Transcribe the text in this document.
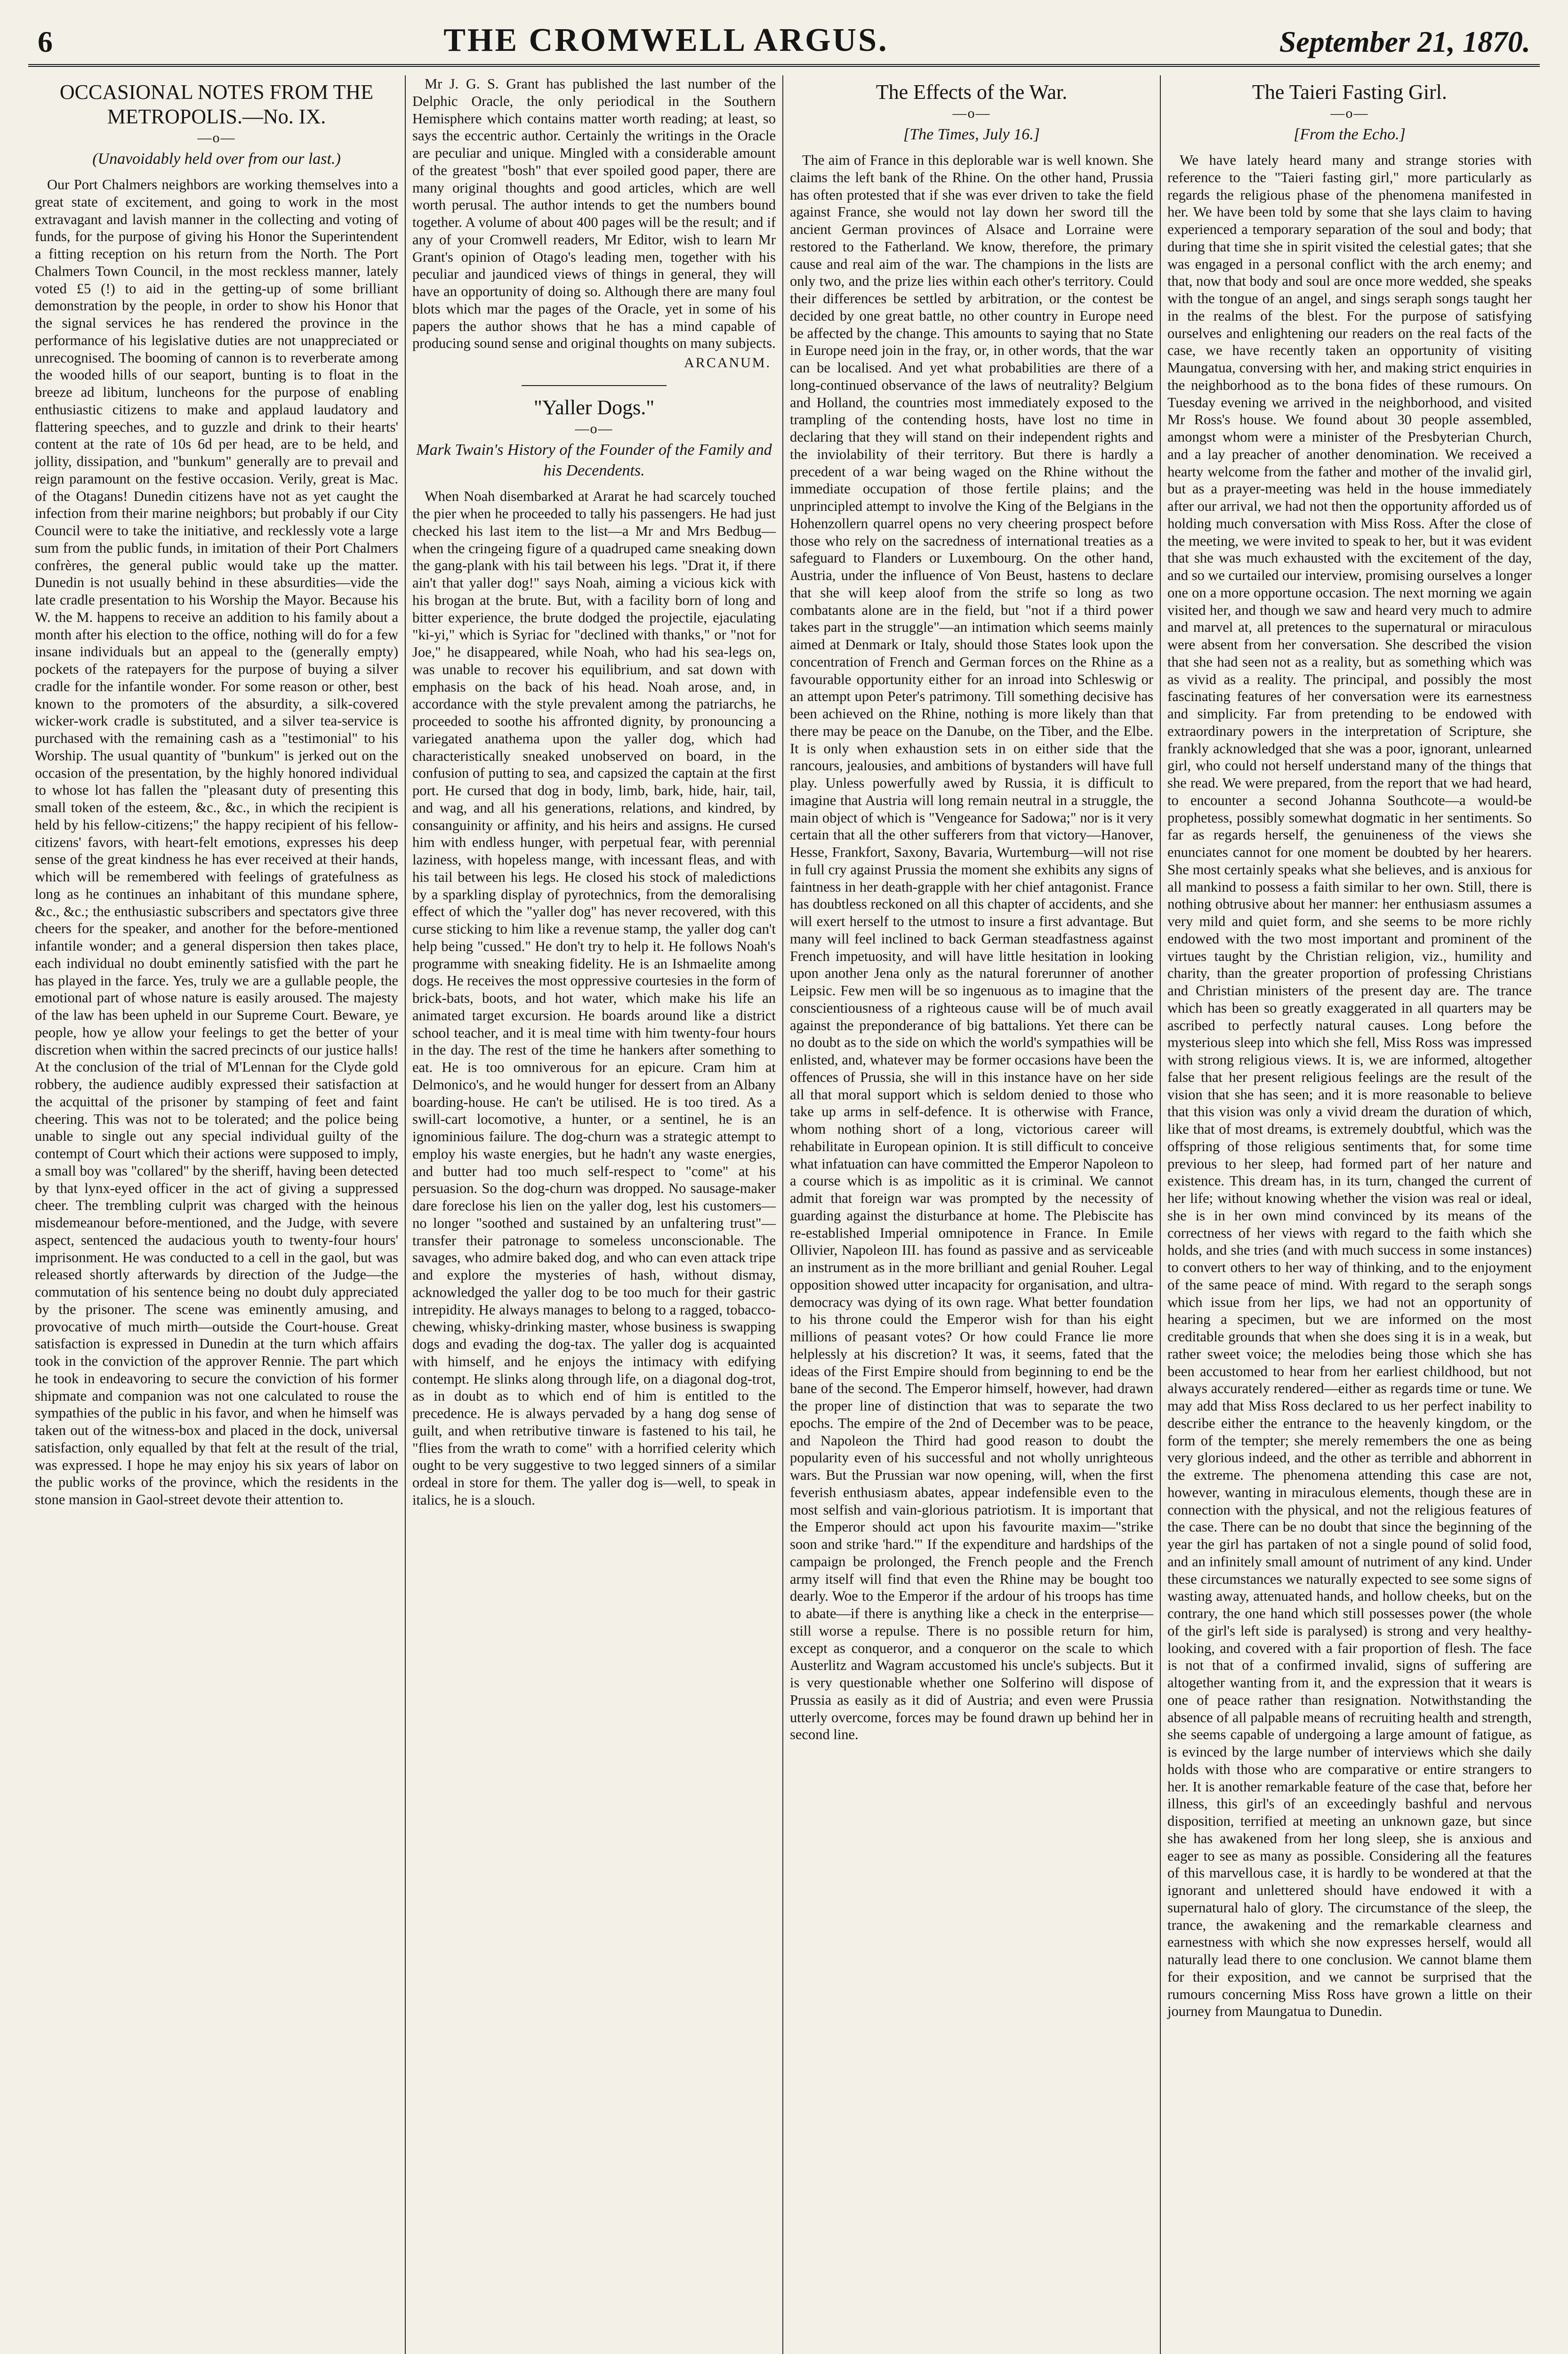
6	THE CROMWELL ARGUS.	September 21, 1870.
OCCASIONAL NOTES FROM THE METROPOLIS.—No. IX.
—o—
(Unavoidably held over from our last.)

Our Port Chalmers neighbors are working themselves into a great state of excitement, and going to work in the most extravagant and lavish manner in the collecting and voting of funds, for the purpose of giving his Honor the Superintendent a fitting reception on his return from the North. The Port Chalmers Town Council, in the most reckless manner, lately voted £5 (!) to aid in the getting-up of some brilliant demonstration by the people, in order to show his Honor that the signal services he has rendered the province in the performance of his legislative duties are not unappreciated or unrecognised. The booming of cannon is to reverberate among the wooded hills of our seaport, bunting is to float in the breeze ad libitum, luncheons for the purpose of enabling enthusiastic citizens to make and applaud laudatory and flattering speeches, and to guzzle and drink to their hearts' content at the rate of 10s 6d per head, are to be held, and jollity, dissipation, and "bunkum" generally are to prevail and reign paramount on the festive occasion. Verily, great is Mac. of the Otagans! Dunedin citizens have not as yet caught the infection from their marine neighbors; but probably if our City Council were to take the initiative, and recklessly vote a large sum from the public funds, in imitation of their Port Chalmers confrères, the general public would take up the matter. Dunedin is not usually behind in these absurdities—vide the late cradle presentation to his Worship the Mayor. Because his W. the M. happens to receive an addition to his family about a month after his election to the office, nothing will do for a few insane individuals but an appeal to the (generally empty) pockets of the ratepayers for the purpose of buying a silver cradle for the infantile wonder. For some reason or other, best known to the promoters of the absurdity, a silk-covered wicker-work cradle is substituted, and a silver tea-service is purchased with the remaining cash as a "testimonial" to his Worship. The usual quantity of "bunkum" is jerked out on the occasion of the presentation, by the highly honored individual to whose lot has fallen the "pleasant duty of presenting this small token of the esteem, &c., &c., in which the recipient is held by his fellow-citizens;" the happy recipient of his fellow-citizens' favors, with heart-felt emotions, expresses his deep sense of the great kindness he has ever received at their hands, which will be remembered with feelings of gratefulness as long as he continues an inhabitant of this mundane sphere, &c., &c.; the enthusiastic subscribers and spectators give three cheers for the speaker, and another for the before-mentioned infantile wonder; and a general dispersion then takes place, each individual no doubt eminently satisfied with the part he has played in the farce. Yes, truly we are a gullable people, the emotional part of whose nature is easily aroused. The majesty of the law has been upheld in our Supreme Court. Beware, ye people, how ye allow your feelings to get the better of your discretion when within the sacred precincts of our justice halls! At the conclusion of the trial of M'Lennan for the Clyde gold robbery, the audience audibly expressed their satisfaction at the acquittal of the prisoner by stamping of feet and faint cheering. This was not to be tolerated; and the police being unable to single out any special individual guilty of the contempt of Court which their actions were supposed to imply, a small boy was "collared" by the sheriff, having been detected by that lynx-eyed officer in the act of giving a suppressed cheer. The trembling culprit was charged with the heinous misdemeanour before-mentioned, and the Judge, with severe aspect, sentenced the audacious youth to twenty-four hours' imprisonment. He was conducted to a cell in the gaol, but was released shortly afterwards by direction of the Judge—the commutation of his sentence being no doubt duly appreciated by the prisoner. The scene was eminently amusing, and provocative of much mirth—outside the Court-house. Great satisfaction is expressed in Dunedin at the turn which affairs took in the conviction of the approver Rennie. The part which he took in endeavoring to secure the conviction of his former shipmate and companion was not one calculated to rouse the sympathies of the public in his favor, and when he himself was taken out of the witness-box and placed in the dock, universal satisfaction, only equalled by that felt at the result of the trial, was expressed. I hope he may enjoy his six years of labor on the public works of the province, which the residents in the stone mansion in Gaol-street devote their attention to.

Mr J. G. S. Grant has published the last number of the Delphic Oracle, the only periodical in the Southern Hemisphere which contains matter worth reading; at least, so says the eccentric author. Certainly the writings in the Oracle are peculiar and unique. Mingled with a considerable amount of the greatest "bosh" that ever spoiled good paper, there are many original thoughts and good articles, which are well worth perusal. The author intends to get the numbers bound together. A volume of about 400 pages will be the result; and if any of your Cromwell readers, Mr Editor, wish to learn Mr Grant's opinion of Otago's leading men, together with his peculiar and jaundiced views of things in general, they will have an opportunity of doing so. Although there are many foul blots which mar the pages of the Oracle, yet in some of his papers the author shows that he has a mind capable of producing sound sense and original thoughts on many subjects.

ARCANUM.
"Yaller Dogs."
—o—
Mark Twain's History of the Founder of the Family and his Decendents.

When Noah disembarked at Ararat he had scarcely touched the pier when he proceeded to tally his passengers. He had just checked his last item to the list—a Mr and Mrs Bedbug—when the cringeing figure of a quadruped came sneaking down the gang-plank with his tail between his legs. "Drat it, if there ain't that yaller dog!" says Noah, aiming a vicious kick with his brogan at the brute. But, with a facility born of long and bitter experience, the brute dodged the projectile, ejaculating "ki-yi," which is Syriac for "declined with thanks," or "not for Joe," he disappeared, while Noah, who had his sea-legs on, was unable to recover his equilibrium, and sat down with emphasis on the back of his head. Noah arose, and, in accordance with the style prevalent among the patriarchs, he proceeded to soothe his affronted dignity, by pronouncing a variegated anathema upon the yaller dog, which had characteristically sneaked unobserved on board, in the confusion of putting to sea, and capsized the captain at the first port. He cursed that dog in body, limb, bark, hide, hair, tail, and wag, and all his generations, relations, and kindred, by consanguinity or affinity, and his heirs and assigns. He cursed him with endless hunger, with perpetual fear, with perennial laziness, with hopeless mange, with incessant fleas, and with his tail between his legs. He closed his stock of maledictions by a sparkling display of pyrotechnics, from the demoralising effect of which the "yaller dog" has never recovered, with this curse sticking to him like a revenue stamp, the yaller dog can't help being "cussed." He don't try to help it. He follows Noah's programme with sneaking fidelity. He is an Ishmaelite among dogs. He receives the most oppressive courtesies in the form of brick-bats, boots, and hot water, which make his life an animated target excursion. He boards around like a district school teacher, and it is meal time with him twenty-four hours in the day. The rest of the time he hankers after something to eat. He is too omniverous for an epicure. Cram him at Delmonico's, and he would hunger for dessert from an Albany boarding-house. He can't be utilised. He is too tired. As a swill-cart locomotive, a hunter, or a sentinel, he is an ignominious failure. The dog-churn was a strategic attempt to employ his waste energies, but he hadn't any waste energies, and butter had too much self-respect to "come" at his persuasion. So the dog-churn was dropped. No sausage-maker dare foreclose his lien on the yaller dog, lest his customers—no longer "soothed and sustained by an unfaltering trust"—transfer their patronage to someless unconscionable. The savages, who admire baked dog, and who can even attack tripe and explore the mysteries of hash, without dismay, acknowledged the yaller dog to be too much for their gastric intrepidity. He always manages to belong to a ragged, tobacco-chewing, whisky-drinking master, whose business is swapping dogs and evading the dog-tax. The yaller dog is acquainted with himself, and he enjoys the intimacy with edifying contempt. He slinks along through life, on a diagonal dog-trot, as in doubt as to which end of him is entitled to the precedence. He is always pervaded by a hang dog sense of guilt, and when retributive tinware is fastened to his tail, he "flies from the wrath to come" with a horrified celerity which ought to be very suggestive to two legged sinners of a similar ordeal in store for them. The yaller dog is—well, to speak in italics, he is a slouch.

The Effects of the War.
—o—
[The Times, July 16.]

The aim of France in this deplorable war is well known. She claims the left bank of the Rhine. On the other hand, Prussia has often protested that if she was ever driven to take the field against France, she would not lay down her sword till the ancient German provinces of Alsace and Lorraine were restored to the Fatherland. We know, therefore, the primary cause and real aim of the war. The champions in the lists are only two, and the prize lies within each other's territory. Could their differences be settled by arbitration, or the contest be decided by one great battle, no other country in Europe need be affected by the change. This amounts to saying that no State in Europe need join in the fray, or, in other words, that the war can be localised. And yet what probabilities are there of a long-continued observance of the laws of neutrality? Belgium and Holland, the countries most immediately exposed to the trampling of the contending hosts, have lost no time in declaring that they will stand on their independent rights and the inviolability of their territory. But there is hardly a precedent of a war being waged on the Rhine without the immediate occupation of those fertile plains; and the unprincipled attempt to involve the King of the Belgians in the Hohenzollern quarrel opens no very cheering prospect before those who rely on the sacredness of international treaties as a safeguard to Flanders or Luxembourg. On the other hand, Austria, under the influence of Von Beust, hastens to declare that she will keep aloof from the strife so long as two combatants alone are in the field, but "not if a third power takes part in the struggle"—an intimation which seems mainly aimed at Denmark or Italy, should those States look upon the concentration of French and German forces on the Rhine as a favourable opportunity either for an inroad into Schleswig or an attempt upon Peter's patrimony. Till something decisive has been achieved on the Rhine, nothing is more likely than that there may be peace on the Danube, on the Tiber, and the Elbe. It is only when exhaustion sets in on either side that the rancours, jealousies, and ambitions of bystanders will have full play. Unless powerfully awed by Russia, it is difficult to imagine that Austria will long remain neutral in a struggle, the main object of which is "Vengeance for Sadowa;" nor is it very certain that all the other sufferers from that victory—Hanover, Hesse, Frankfort, Saxony, Bavaria, Wurtemburg—will not rise in full cry against Prussia the moment she exhibits any signs of faintness in her death-grapple with her chief antagonist. France has doubtless reckoned on all this chapter of accidents, and she will exert herself to the utmost to insure a first advantage. But many will feel inclined to back German steadfastness against French impetuosity, and will have little hesitation in looking upon another Jena only as the natural forerunner of another Leipsic. Few men will be so ingenuous as to imagine that the conscientiousness of a righteous cause will be of much avail against the preponderance of big battalions. Yet there can be no doubt as to the side on which the world's sympathies will be enlisted, and, whatever may be former occasions have been the offences of Prussia, she will in this instance have on her side all that moral support which is seldom denied to those who take up arms in self-defence. It is otherwise with France, whom nothing short of a long, victorious career will rehabilitate in European opinion. It is still difficult to conceive what infatuation can have committed the Emperor Napoleon to a course which is as impolitic as it is criminal. We cannot admit that foreign war was prompted by the necessity of guarding against the disturbance at home. The Plebiscite has re-established Imperial omnipotence in France. In Emile Ollivier, Napoleon III. has found as passive and as serviceable an instrument as in the more brilliant and genial Rouher. Legal opposition showed utter incapacity for organisation, and ultra-democracy was dying of its own rage. What better foundation to his throne could the Emperor wish for than his eight millions of peasant votes? Or how could France lie more helplessly at his discretion? It was, it seems, fated that the ideas of the First Empire should from beginning to end be the bane of the second. The Emperor himself, however, had drawn the proper line of distinction that was to separate the two epochs. The empire of the 2nd of December was to be peace, and Napoleon the Third had good reason to doubt the popularity even of his successful and not wholly unrighteous wars. But the Prussian war now opening, will, when the first feverish enthusiasm abates, appear indefensible even to the most selfish and vain-glorious patriotism. It is important that the Emperor should act upon his favourite maxim—"strike soon and strike 'hard.'" If the expenditure and hardships of the campaign be prolonged, the French people and the French army itself will find that even the Rhine may be bought too dearly. Woe to the Emperor if the ardour of his troops has time to abate—if there is anything like a check in the enterprise—still worse a repulse. There is no possible return for him, except as conqueror, and a conqueror on the scale to which Austerlitz and Wagram accustomed his uncle's subjects. But it is very questionable whether one Solferino will dispose of Prussia as easily as it did of Austria; and even were Prussia utterly overcome, forces may be found drawn up behind her in second line.

The Taieri Fasting Girl.
—o—
[From the Echo.]

We have lately heard many and strange stories with reference to the "Taieri fasting girl," more particularly as regards the religious phase of the phenomena manifested in her. We have been told by some that she lays claim to having experienced a temporary separation of the soul and body; that during that time she in spirit visited the celestial gates; that she was engaged in a personal conflict with the arch enemy; and that, now that body and soul are once more wedded, she speaks with the tongue of an angel, and sings seraph songs taught her in the realms of the blest. For the purpose of satisfying ourselves and enlightening our readers on the real facts of the case, we have recently taken an opportunity of visiting Maungatua, conversing with her, and making strict enquiries in the neighborhood as to the bona fides of these rumours. On Tuesday evening we arrived in the neighborhood, and visited Mr Ross's house. We found about 30 people assembled, amongst whom were a minister of the Presbyterian Church, and a lay preacher of another denomination. We received a hearty welcome from the father and mother of the invalid girl, but as a prayer-meeting was held in the house immediately after our arrival, we had not then the opportunity afforded us of holding much conversation with Miss Ross. After the close of the meeting, we were invited to speak to her, but it was evident that she was much exhausted with the excitement of the day, and so we curtailed our interview, promising ourselves a longer one on a more opportune occasion. The next morning we again visited her, and though we saw and heard very much to admire and marvel at, all pretences to the supernatural or miraculous were absent from her conversation. She described the vision that she had seen not as a reality, but as something which was as vivid as a reality. The principal, and possibly the most fascinating features of her conversation were its earnestness and simplicity. Far from pretending to be endowed with extraordinary powers in the interpretation of Scripture, she frankly acknowledged that she was a poor, ignorant, unlearned girl, who could not herself understand many of the things that she read. We were prepared, from the report that we had heard, to encounter a second Johanna Southcote—a would-be prophetess, possibly somewhat dogmatic in her sentiments. So far as regards herself, the genuineness of the views she enunciates cannot for one moment be doubted by her hearers. She most certainly speaks what she believes, and is anxious for all mankind to possess a faith similar to her own. Still, there is nothing obtrusive about her manner: her enthusiasm assumes a very mild and quiet form, and she seems to be more richly endowed with the two most important and prominent of the virtues taught by the Christian religion, viz., humility and charity, than the greater proportion of professing Christians and Christian ministers of the present day are. The trance which has been so greatly exaggerated in all quarters may be ascribed to perfectly natural causes. Long before the mysterious sleep into which she fell, Miss Ross was impressed with strong religious views. It is, we are informed, altogether false that her present religious feelings are the result of the vision that she has seen; and it is more reasonable to believe that this vision was only a vivid dream the duration of which, like that of most dreams, is extremely doubtful, which was the offspring of those religious sentiments that, for some time previous to her sleep, had formed part of her nature and existence. This dream has, in its turn, changed the current of her life; without knowing whether the vision was real or ideal, she is in her own mind convinced by its means of the correctness of her views with regard to the faith which she holds, and she tries (and with much success in some instances) to convert others to her way of thinking, and to the enjoyment of the same peace of mind. With regard to the seraph songs which issue from her lips, we had not an opportunity of hearing a specimen, but we are informed on the most creditable grounds that when she does sing it is in a weak, but rather sweet voice; the melodies being those which she has been accustomed to hear from her earliest childhood, but not always accurately rendered—either as regards time or tune. We may add that Miss Ross declared to us her perfect inability to describe either the entrance to the heavenly kingdom, or the form of the tempter; she merely remembers the one as being very glorious indeed, and the other as terrible and abhorrent in the extreme. The phenomena attending this case are not, however, wanting in miraculous elements, though these are in connection with the physical, and not the religious features of the case. There can be no doubt that since the beginning of the year the girl has partaken of not a single pound of solid food, and an infinitely small amount of nutriment of any kind. Under these circumstances we naturally expected to see some signs of wasting away, attenuated hands, and hollow cheeks, but on the contrary, the one hand which still possesses power (the whole of the girl's left side is paralysed) is strong and very healthy-looking, and covered with a fair proportion of flesh. The face is not that of a confirmed invalid, signs of suffering are altogether wanting from it, and the expression that it wears is one of peace rather than resignation. Notwithstanding the absence of all palpable means of recruiting health and strength, she seems capable of undergoing a large amount of fatigue, as is evinced by the large number of interviews which she daily holds with those who are comparative or entire strangers to her. It is another remarkable feature of the case that, before her illness, this girl's of an exceedingly bashful and nervous disposition, terrified at meeting an unknown gaze, but since she has awakened from her long sleep, she is anxious and eager to see as many as possible. Considering all the features of this marvellous case, it is hardly to be wondered at that the ignorant and unlettered should have endowed it with a supernatural halo of glory. The circumstance of the sleep, the trance, the awakening and the remarkable clearness and earnestness with which she now expresses herself, would all naturally lead there to one conclusion. We cannot blame them for their exposition, and we cannot be surprised that the rumours concerning Miss Ross have grown a little on their journey from Maungatua to Dunedin.
